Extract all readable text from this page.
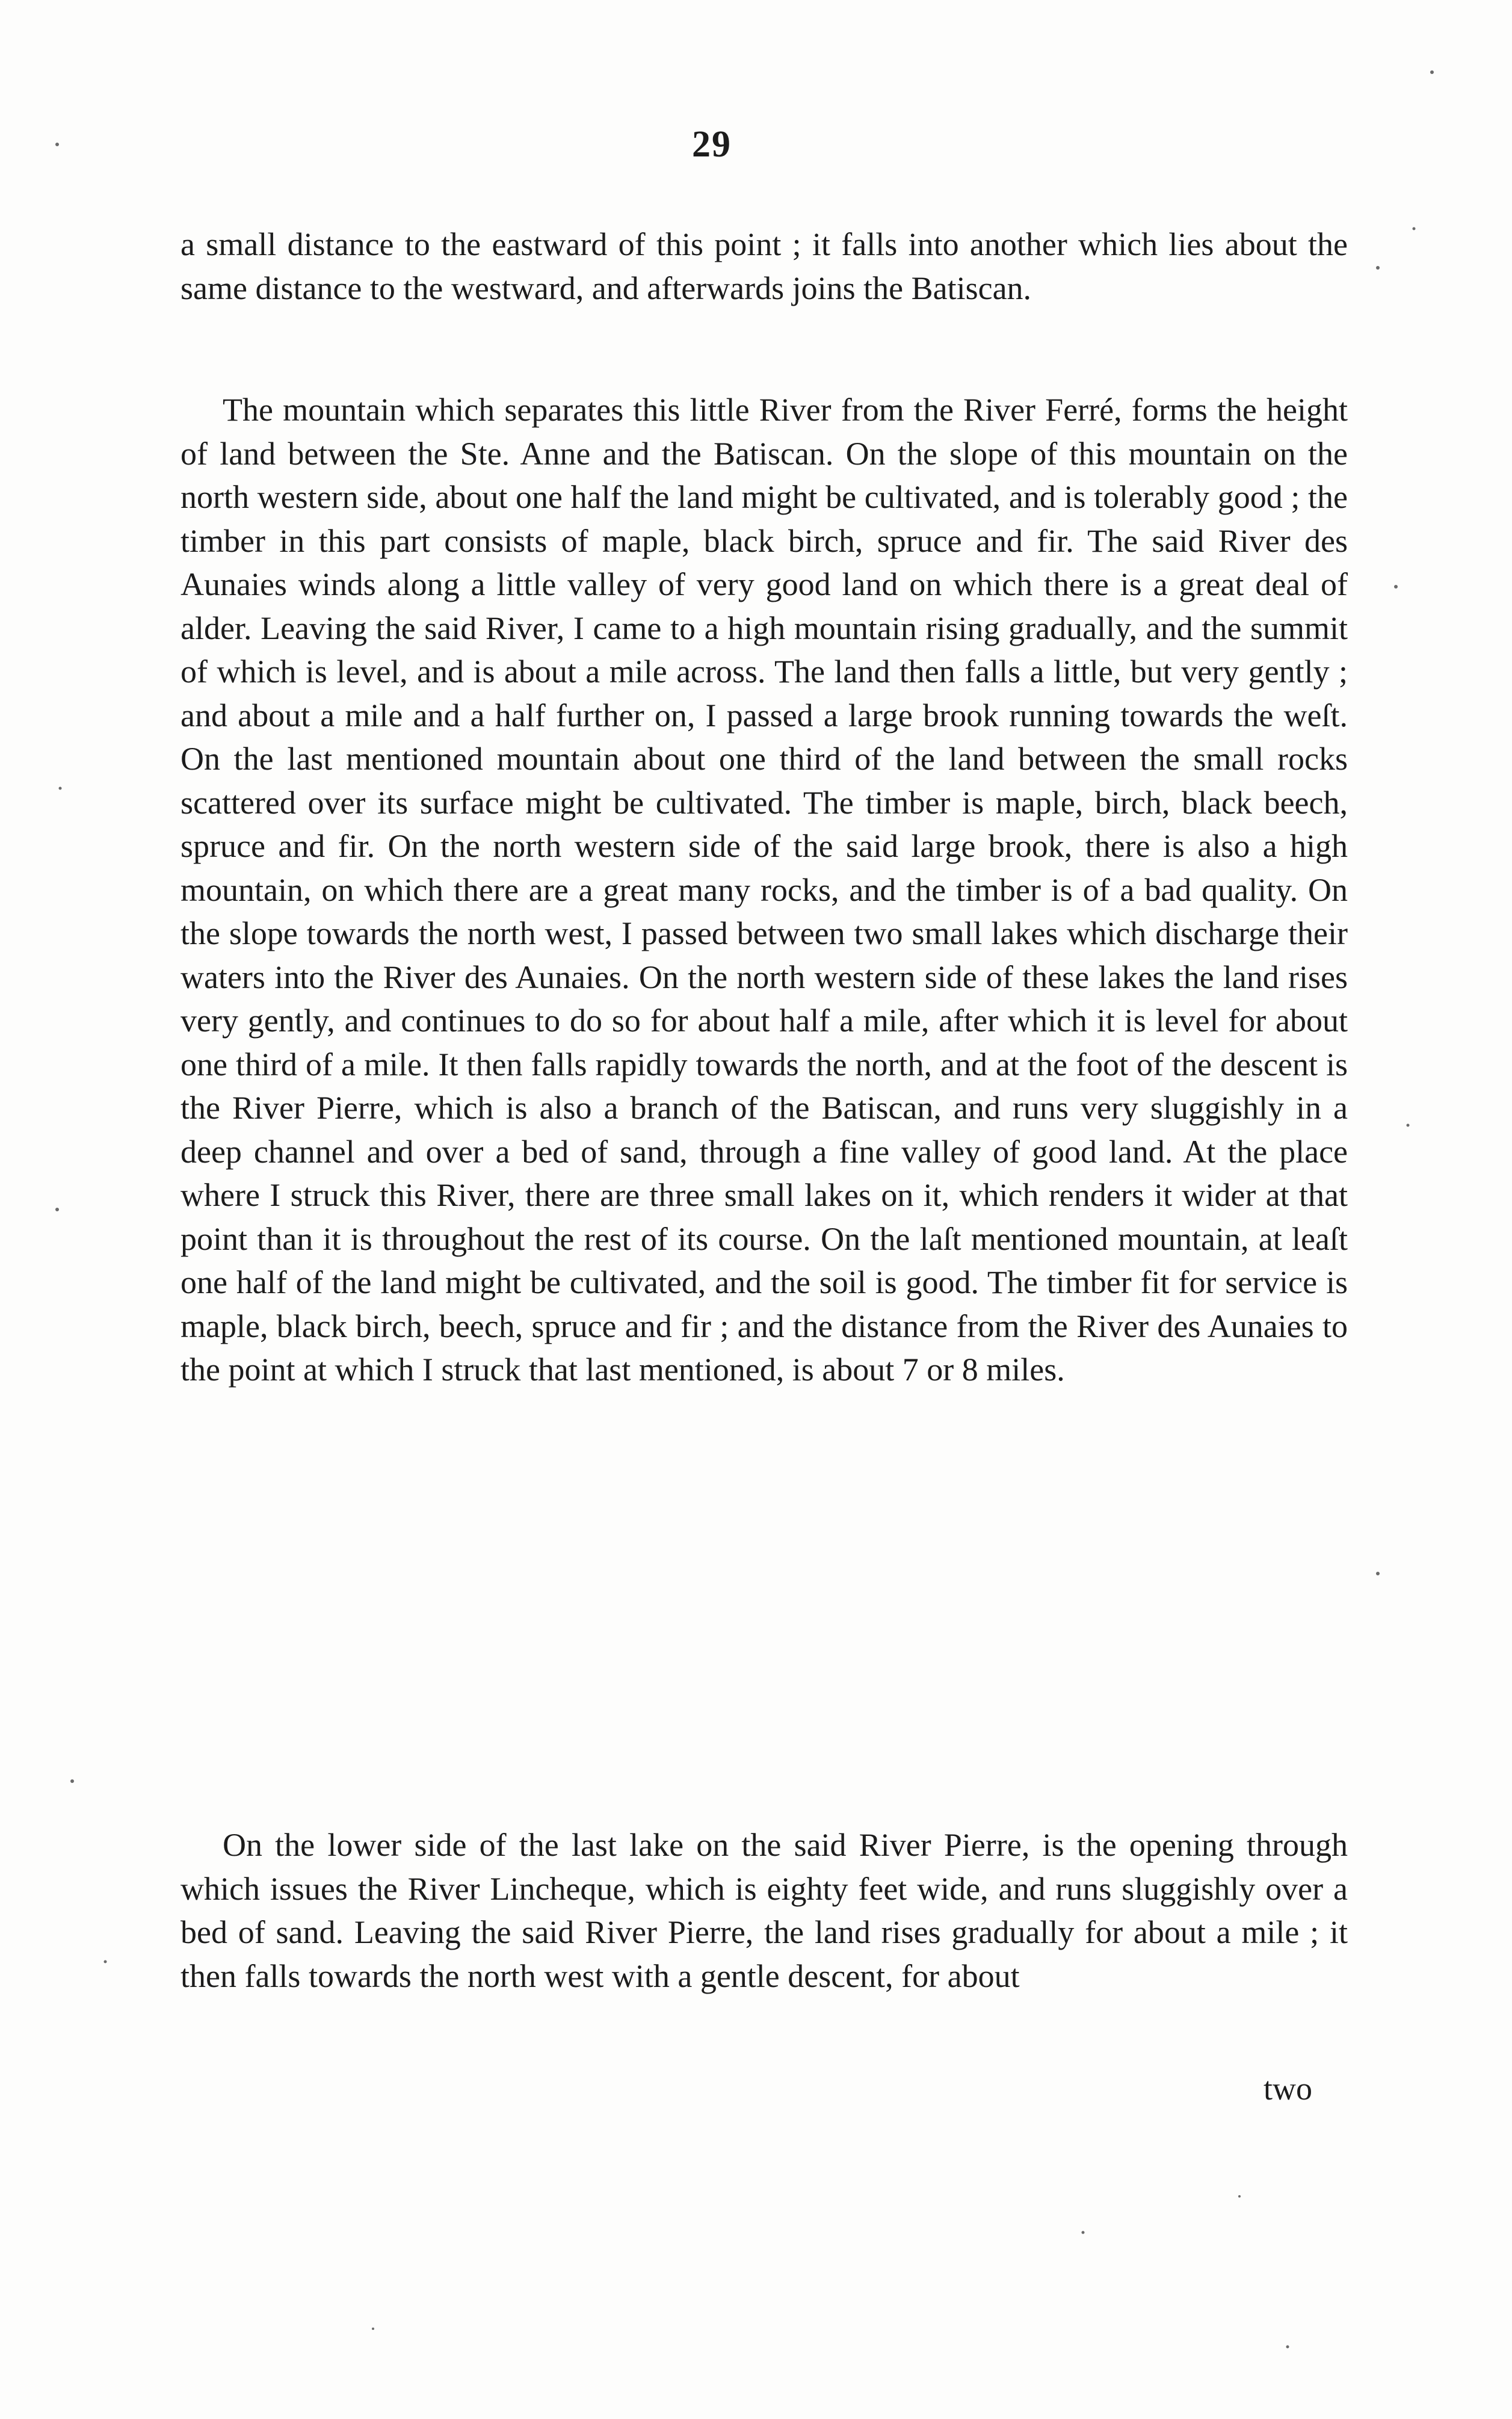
29

a small distance to the eastward of this point ; it falls into another which lies about the same distance to the westward, and afterwards joins the Batiscan.

The mountain which separates this little River from the River Ferré, forms the height of land between the Ste. Anne and the Batiscan. On the slope of this mountain on the north western side, about one half the land might be cultivated, and is tolerably good ; the timber in this part consists of maple, black birch, spruce and fir. The said River des Aunaies winds along a little valley of very good land on which there is a great deal of alder. Leaving the said River, I came to a high mountain rising gradually, and the summit of which is level, and is about a mile across. The land then falls a little, but very gently ; and about a mile and a half further on, I passed a large brook running towards the weſt. On the last mentioned mountain about one third of the land between the small rocks scattered over its surface might be cultivated. The timber is maple, birch, black beech, spruce and fir. On the north western side of the said large brook, there is also a high mountain, on which there are a great many rocks, and the timber is of a bad quality. On the slope towards the north west, I passed between two small lakes which discharge their waters into the River des Aunaies. On the north western side of these lakes the land rises very gently, and continues to do so for about half a mile, after which it is level for about one third of a mile. It then falls rapidly towards the north, and at the foot of the descent is the River Pierre, which is also a branch of the Batiscan, and runs very sluggishly in a deep channel and over a bed of sand, through a fine valley of good land. At the place where I struck this River, there are three small lakes on it, which renders it wider at that point than it is throughout the rest of its course. On the laſt mentioned mountain, at leaſt one half of the land might be cultivated, and the soil is good. The timber fit for service is maple, black birch, beech, spruce and fir ; and the distance from the River des Aunaies to the point at which I struck that last mentioned, is about 7 or 8 miles.

On the lower side of the last lake on the said River Pierre, is the opening through which issues the River Lincheque, which is eighty feet wide, and runs sluggishly over a bed of sand. Leaving the said River Pierre, the land rises gradually for about a mile ; it then falls towards the north west with a gentle descent, for about

two
